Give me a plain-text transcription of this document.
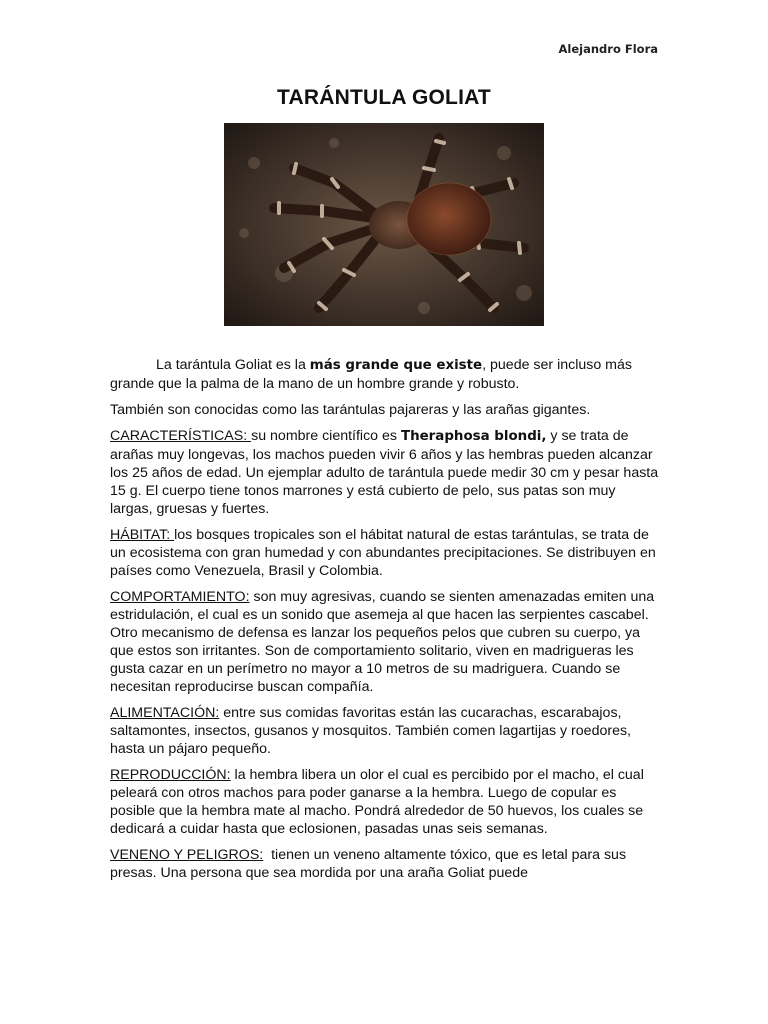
Alejandro Flora
TARÁNTULA GOLIAT

La tarántula Goliat es la más grande que existe, puede ser incluso más grande que la palma de la mano de un hombre grande y robusto.

También son conocidas como las tarántulas pajareras y las arañas gigantes.

CARACTERÍSTICAS: su nombre científico es Theraphosa blondi, y se trata de arañas muy longevas, los machos pueden vivir 6 años y las hembras pueden alcanzar los 25 años de edad. Un ejemplar adulto de tarántula puede medir 30 cm y pesar hasta 15 g. El cuerpo tiene tonos marrones y está cubierto de pelo, sus patas son muy largas, gruesas y fuertes.

HÁBITAT: los bosques tropicales son el hábitat natural de estas tarántulas, se trata de un ecosistema con gran humedad y con abundantes precipitaciones. Se distribuyen en países como Venezuela, Brasil y Colombia.

COMPORTAMIENTO: son muy agresivas, cuando se sienten amenazadas emiten una estridulación, el cual es un sonido que asemeja al que hacen las serpientes cascabel. Otro mecanismo de defensa es lanzar los pequeños pelos que cubren su cuerpo, ya que estos son irritantes. Son de comportamiento solitario, viven en madrigueras les gusta cazar en un perímetro no mayor a 10 metros de su madriguera. Cuando se necesitan reproducirse buscan compañía.

ALIMENTACIÓN: entre sus comidas favoritas están las cucarachas, escarabajos, saltamontes, insectos, gusanos y mosquitos. También comen lagartijas y roedores, hasta un pájaro pequeño.

REPRODUCCIÓN: la hembra libera un olor el cual es percibido por el macho, el cual peleará con otros machos para poder ganarse a la hembra. Luego de copular es posible que la hembra mate al macho. Pondrá alrededor de 50 huevos, los cuales se dedicará a cuidar hasta que eclosionen, pasadas unas seis semanas.

VENENO Y PELIGROS:  tienen un veneno altamente tóxico, que es letal para sus presas. Una persona que sea mordida por una araña Goliat puede
